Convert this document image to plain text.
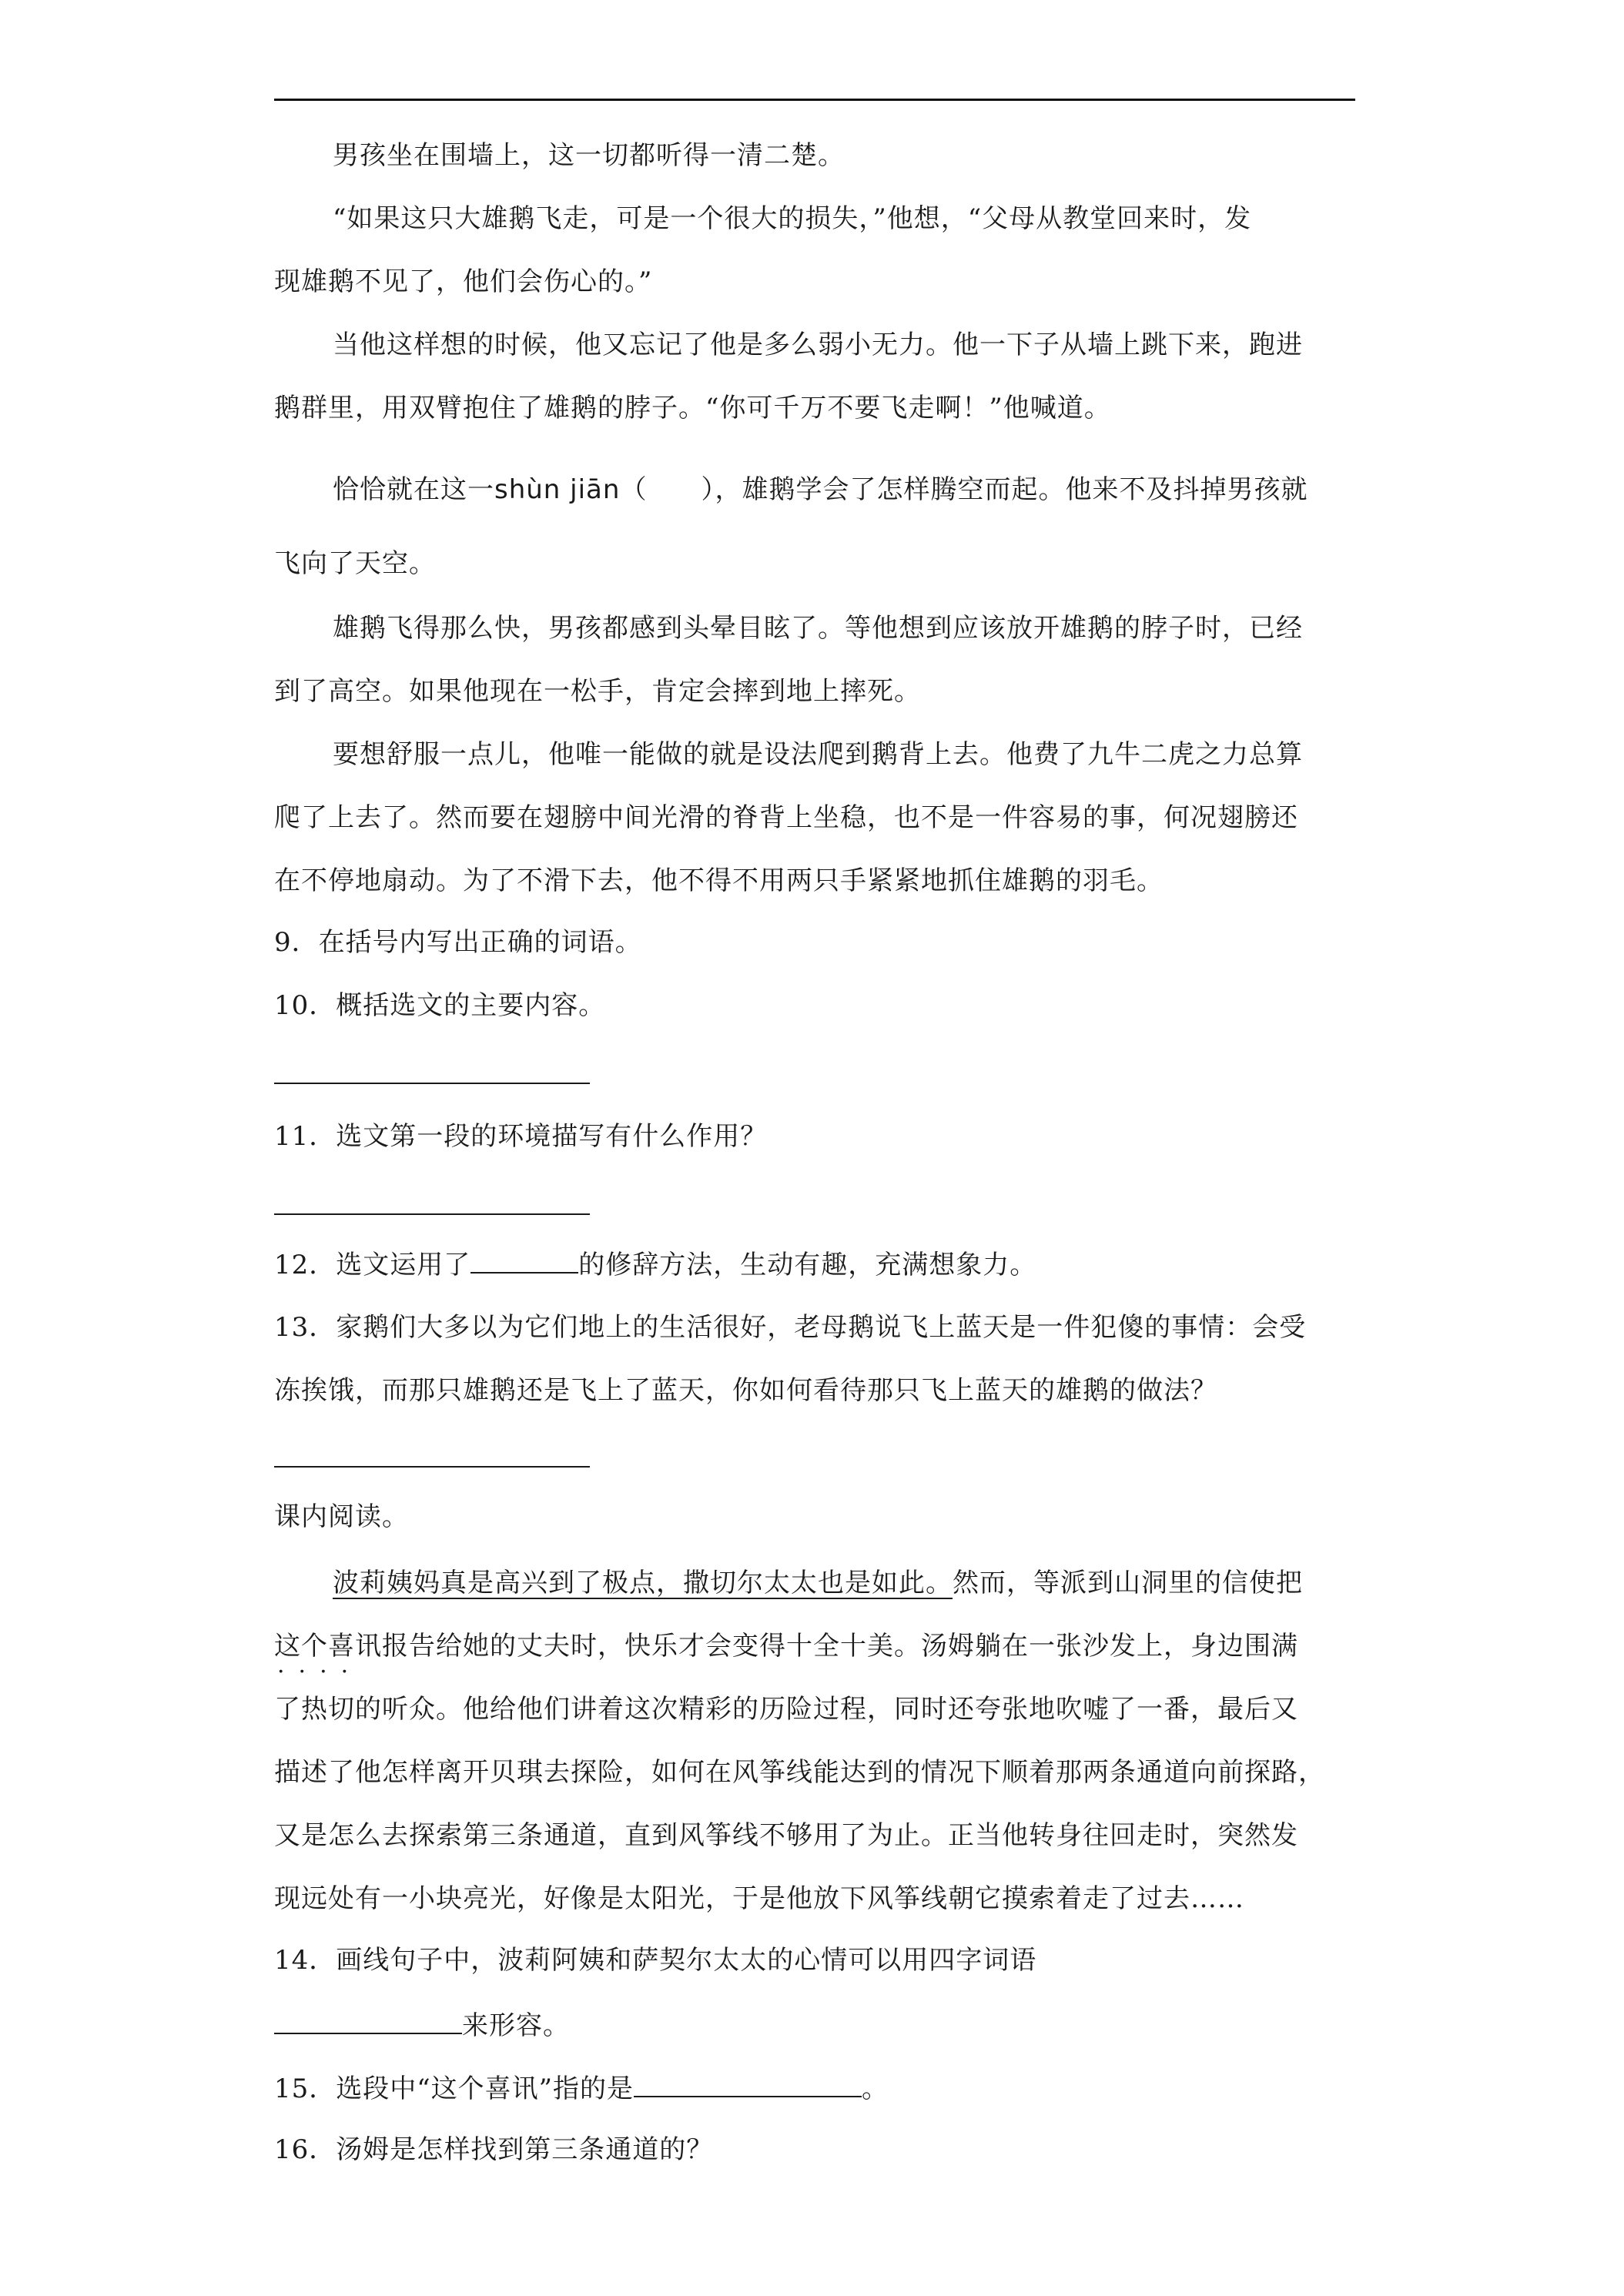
男孩坐在围墙上，这一切都听得一清二楚。
“如果这只大雄鹅飞走，可是一个很大的损失，”他想，“父母从教堂回来时，发
现雄鹅不见了，他们会伤心的。”
当他这样想的时候，他又忘记了他是多么弱小无力。他一下子从墙上跳下来，跑进
鹅群里，用双臂抱住了雄鹅的脖子。“你可千万不要飞走啊！”他喊道。
恰恰就在这一shùn jiān（　　），雄鹅学会了怎样腾空而起。他来不及抖掉男孩就
飞向了天空。
雄鹅飞得那么快，男孩都感到头晕目眩了。等他想到应该放开雄鹅的脖子时，已经
到了高空。如果他现在一松手，肯定会摔到地上摔死。
要想舒服一点儿，他唯一能做的就是设法爬到鹅背上去。他费了九牛二虎之力总算
爬了上去了。然而要在翅膀中间光滑的脊背上坐稳，也不是一件容易的事，何况翅膀还
在不停地扇动。为了不滑下去，他不得不用两只手紧紧地抓住雄鹅的羽毛。
9．在括号内写出正确的词语。
10．概括选文的主要内容。
11．选文第一段的环境描写有什么作用？
12．选文运用了	的修辞方法，生动有趣，充满想象力。
13．家鹅们大多以为它们地上的生活很好，老母鹅说飞上蓝天是一件犯傻的事情：会受
冻挨饿，而那只雄鹅还是飞上了蓝天，你如何看待那只飞上蓝天的雄鹅的做法？
课内阅读。
波莉姨妈真是高兴到了极点，撒切尔太太也是如此。然而，等派到山洞里的信使把
这个喜讯
····
报告给她的丈夫时，快乐才会变得十全十美。汤姆躺在一张沙发上，身边围满
了热切的听众。他给他们讲着这次精彩的历险过程，同时还夸张地吹嘘了一番，最后又
描述了他怎样离开贝琪去探险，如何在风筝线能达到的情况下顺着那两条通道向前探路，
又是怎么去探索第三条通道，直到风筝线不够用了为止。正当他转身往回走时，突然发
现远处有一小块亮光，好像是太阳光，于是他放下风筝线朝它摸索着走了过去……
14．画线句子中，波莉阿姨和萨契尔太太的心情可以用四字词语
来形容。
15．选段中“这个喜讯”指的是	。
16．汤姆是怎样找到第三条通道的？
